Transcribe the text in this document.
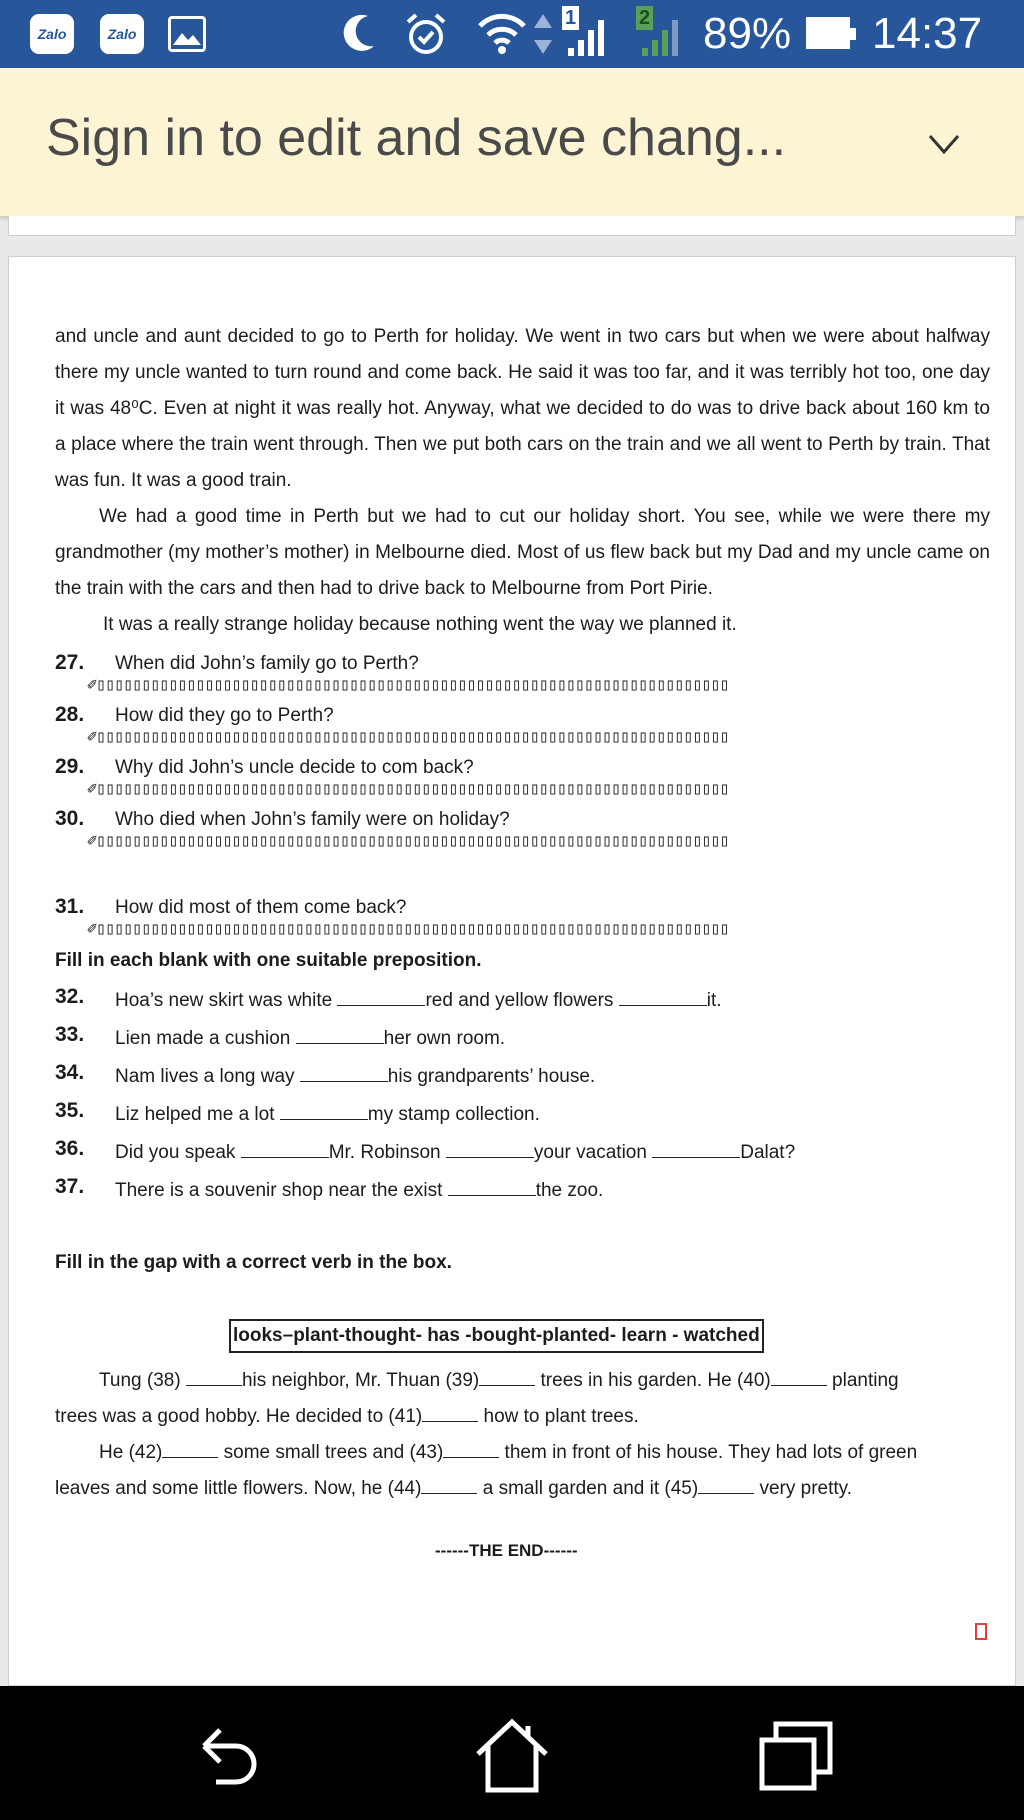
Zalo	Zalo
1	2 89% 14:37
Sign in to edit and save chang...

and uncle and aunt decided to go to Perth for holiday. We went in two cars but when we were about halfway there my uncle wanted to turn round and come back. He said it was too far, and it was terribly hot too, one day it was 48⁰C. Even at night it was really hot. Anyway, what we decided to do was to drive back about 160 km to a place where the train went through. Then we put both cars on the train and we all went to Perth by train. That was fun. It was a good train.

We had a good time in Perth but we had to cut our holiday short. You see, while we were there my grandmother (my mother’s mother) in Melbourne died. Most of us flew back but my Dad and my uncle came on the train with the cars and then had to drive back to Melbourne from Port Pirie.

It was a really strange holiday because nothing went the way we planned it.

27. When did John’s family go to Perth?
✐▯▯▯▯▯▯▯▯▯▯▯▯▯▯▯▯▯▯▯▯▯▯▯▯▯▯▯▯▯▯▯▯▯▯▯▯▯▯▯▯▯▯▯▯▯▯▯▯▯▯▯▯▯▯▯▯▯▯▯▯▯▯▯▯▯▯▯▯▯▯
28. How did they go to Perth?
✐▯▯▯▯▯▯▯▯▯▯▯▯▯▯▯▯▯▯▯▯▯▯▯▯▯▯▯▯▯▯▯▯▯▯▯▯▯▯▯▯▯▯▯▯▯▯▯▯▯▯▯▯▯▯▯▯▯▯▯▯▯▯▯▯▯▯▯▯▯▯
29. Why did John’s uncle decide to com back?
✐▯▯▯▯▯▯▯▯▯▯▯▯▯▯▯▯▯▯▯▯▯▯▯▯▯▯▯▯▯▯▯▯▯▯▯▯▯▯▯▯▯▯▯▯▯▯▯▯▯▯▯▯▯▯▯▯▯▯▯▯▯▯▯▯▯▯▯▯▯▯
30. Who died when John’s family were on holiday?
✐▯▯▯▯▯▯▯▯▯▯▯▯▯▯▯▯▯▯▯▯▯▯▯▯▯▯▯▯▯▯▯▯▯▯▯▯▯▯▯▯▯▯▯▯▯▯▯▯▯▯▯▯▯▯▯▯▯▯▯▯▯▯▯▯▯▯▯▯▯▯
31. How did most of them come back?
✐▯▯▯▯▯▯▯▯▯▯▯▯▯▯▯▯▯▯▯▯▯▯▯▯▯▯▯▯▯▯▯▯▯▯▯▯▯▯▯▯▯▯▯▯▯▯▯▯▯▯▯▯▯▯▯▯▯▯▯▯▯▯▯▯▯▯▯▯▯▯
Fill in each blank with one suitable preposition.
32. Hoa’s new skirt was white	red and yellow flowers	it.
33. Lien made a cushion	her own room.
34. Nam lives a long way	his grandparents’ house.
35. Liz helped me a lot	my stamp collection.
36. Did you speak	Mr. Robinson	your vacation	Dalat?
37. There is a souvenir shop near the exist	the zoo.
Fill in the gap with a correct verb in the box.
looks–plant-thought- has -bought-planted- learn - watched
Tung (38)	his neighbor, Mr. Thuan (39)	trees in his garden. He (40)	planting
trees was a good hobby. He decided to (41)	how to plant trees.
He (42)	some small trees and (43)	them in front of his house. They had lots of green
leaves and some little flowers. Now, he (44)	a small garden and it (45)	very pretty.
------THE END------
